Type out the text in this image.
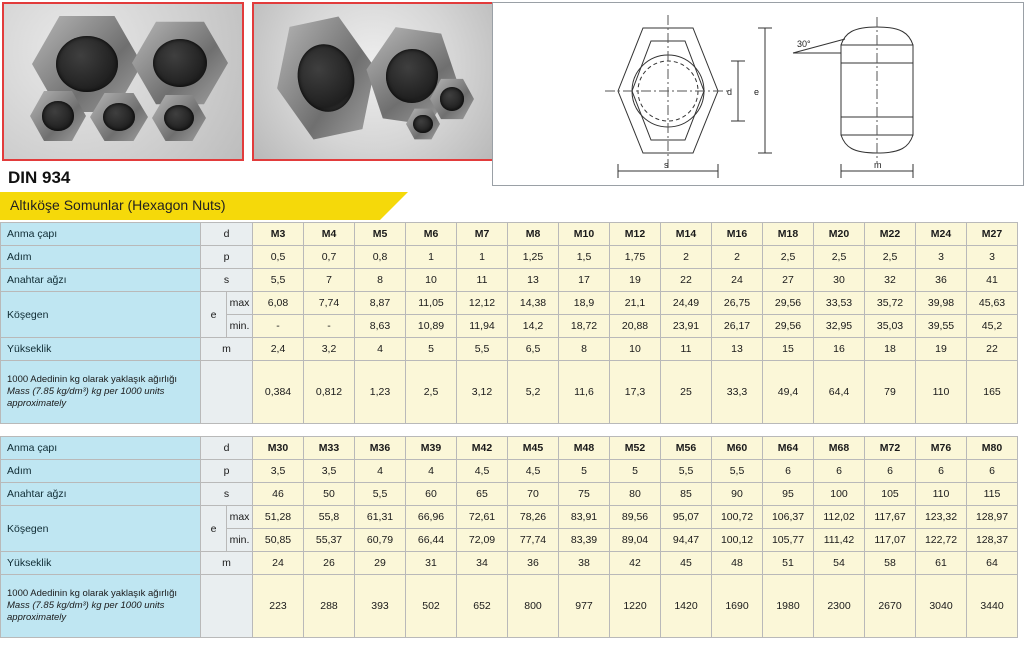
d e
s	m
30°
DIN 934
Altıköşe Somunlar (Hexagon Nuts)
Anma çapı	d		M3	M4	M5	M6	M7	M8	M10	M12	M14	M16	M18	M20	M22	M24	M27
Adım	p		0,5	0,7	0,8	1	1	1,25	1,5	1,75	2	2	2,5	2,5	2,5	3	3
Anahtar ağzı	s		5,5	7	8	10	11	13	17	19	22	24	27	30	32	36	41
Köşegen	e	max	6,08	7,74	8,87	11,05	12,12	14,38	18,9	21,1	24,49	26,75	29,56	33,53	35,72	39,98	45,63
		min.	-	-	8,63	10,89	11,94	14,2	18,72	20,88	23,91	26,17	29,56	32,95	35,03	39,55	45,2
Yükseklik	m		2,4	3,2	4	5	5,5	6,5	8	10	11	13	15	16	18	19	22
1000 Adedinin kg olarak yaklaşık ağırlığı
Mass (7.85 kg/dm³) kg per 1000 units approximately			0,384	0,812	1,23	2,5	3,12	5,2	11,6	17,3	25	33,3	49,4	64,4	79	110	165
Anma çapı	d		M30	M33	M36	M39	M42	M45	M48	M52	M56	M60	M64	M68	M72	M76	M80
Adım	p		3,5	3,5	4	4	4,5	4,5	5	5	5,5	5,5	6	6	6	6	6
Anahtar ağzı	s		46	50	5,5	60	65	70	75	80	85	90	95	100	105	110	115
Köşegen	e	max	51,28	55,8	61,31	66,96	72,61	78,26	83,91	89,56	95,07	100,72	106,37	112,02	117,67	123,32	128,97
		min.	50,85	55,37	60,79	66,44	72,09	77,74	83,39	89,04	94,47	100,12	105,77	111,42	117,07	122,72	128,37
Yükseklik	m		24	26	29	31	34	36	38	42	45	48	51	54	58	61	64
1000 Adedinin kg olarak yaklaşık ağırlığı
Mass (7.85 kg/dm³) kg per 1000 units approximately			223	288	393	502	652	800	977	1220	1420	1690	1980	2300	2670	3040	3440
